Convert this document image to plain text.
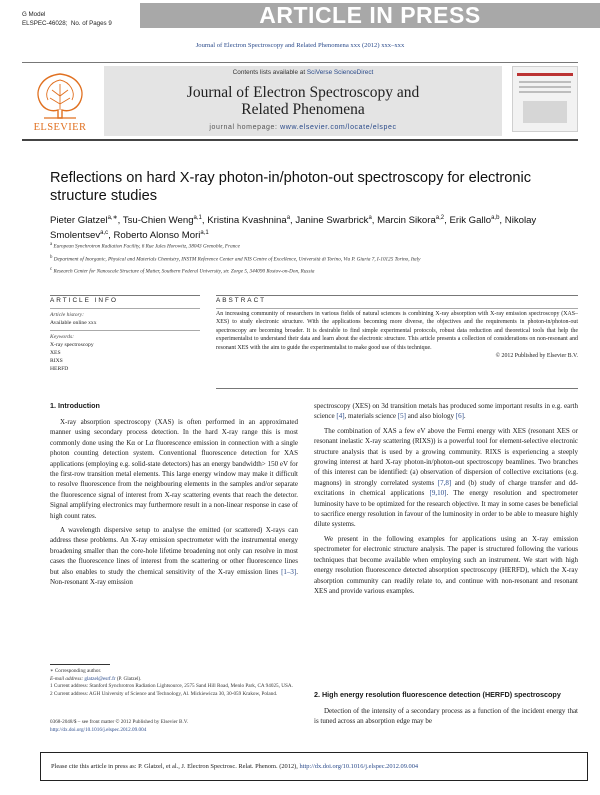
G Model
ELSPEC-46028; No. of Pages 9	ARTICLE IN PRESS
Journal of Electron Spectroscopy and Related Phenomena xxx (2012) xxx–xxx
ELSEVIER
Contents lists available at SciVerse ScienceDirect
Journal of Electron Spectroscopy and
Related Phenomena
journal homepage: www.elsevier.com/locate/elspec
Reflections on hard X-ray photon-in/photon-out spectroscopy for electronic structure studies
Pieter Glatzel$^{a,∗}$, Tsu-Chien Weng$^{a,1}$, Kristina Kvashnina$^a$, Janine Swarbrick$^a$, Marcin Sikora$^{a,2}$, Erik Gallo$^{a,b}$, Nikolay Smolentsev$^{a,c}$, Roberto Alonso Mori$^{a,1}$
$^a$ European Synchrotron Radiation Facility, 6 Rue Jules Horowitz, 38043 Grenoble, France
$^b$ Department of Inorganic, Physical and Materials Chemistry, INSTM Reference Center and NIS Centre of Excellence, Università di Torino, Via P. Giuria 7, I-10125 Torino, Italy
$^c$ Research Center for Nanoscale Structure of Matter, Southern Federal University, str. Zorge 5, 344090 Rostov-on-Don, Russia
ARTICLE INFO	ABSTRACT
Article history:
Available online xxx
Keywords:
X-ray spectroscopy
XES
RIXS
HERFD
An increasing community of researchers in various fields of natural sciences is combining X-ray absorption with X-ray emission spectroscopy (XAS–XES) to study electronic structure. With the applications becoming more diverse, the objectives and the requirements in photon-in/photon-out spectroscopy are becoming broader. It is desirable to find simple experimental protocols, robust data reduction and theoretical tools that help the experimentalist to understand their data and learn about the electronic structure. This article presents a collection of considerations on non-resonant and resonant XES with the aim to guide the experimentalist to make good use of this technique.
© 2012 Published by Elsevier B.V.
1. Introduction

X-ray absorption spectroscopy (XAS) is often performed in an approximated manner using secondary process detection. In the hard X-ray range this is most commonly done using the Kα or Lα fluorescence emission in connection with a single photon counting detection system. Conventional fluorescence detection for XAS applications (employing e.g. solid-state detectors) has an energy bandwidth> 150 eV for the first-row transition metal elements. This large energy window may make it difficult to resolve fluorescence from the neighbouring elements in the samples and/or separate the fluorescence signal of interest from X-ray scattering events that reach the detector. Signal amplifying electronics may furthermore result in a non-linear response in case of high count rates.

A wavelength dispersive setup to analyse the emitted (or scattered) X-rays can address these problems. An X-ray emission spectrometer with the instrumental energy broadening smaller than the core-hole lifetime broadening not only can resolve in most cases the fluorescence lines of interest from the scattering or other fluorescence lines but also enables to study the chemical sensitivity of the X-ray emission lines [1–3]. Non-resonant X-ray emission

spectroscopy (XES) on 3d transition metals has produced some important results in e.g. earth science [4], materials science [5] and also biology [6].

The combination of XAS a few eV above the Fermi energy with XES (resonant XES or resonant inelastic X-ray scattering (RIXS)) is a powerful tool for element-selective electronic structure analysis that is used by a growing community. RIXS is experiencing a steeply growing interest at hard X-ray photon-in/photon-out spectroscopy beamlines. Two branches of this interest can be identified: (a) observation of dispersion of collective excitations (e.g. magnons) in strongly correlated systems [7,8] and (b) study of charge transfer and dd-excitations in chemical applications [9,10]. The energy resolution and spectrometer luminosity have to be optimized for the research objective. It may in some cases be beneficial to sacrifice energy resolution in favour of the luminosity in order to be able to measure highly dilute systems.

We present in the following examples for applications using an X-ray emission spectrometer for electronic structure analysis. The paper is structured following the various techniques that become available when employing such an instrument. We start with high energy resolution fluorescence detected absorption spectroscopy (HERFD), which the X-ray absorption community can readily relate to, and continue with non-resonant and resonant XES and provide various examples.

2. High energy resolution fluorescence detection (HERFD) spectroscopy

Detection of the intensity of a secondary process as a function of the incident energy that is tuned across an absorption edge may be

∗ Corresponding author.

E-mail address: glatzel@esrf.fr (P. Glatzel).

1 Current address: Stanford Synchrotron Radiation Lightsource, 2575 Sand Hill Road, Menlo Park, CA 94025, USA.

2 Current address: AGH University of Science and Technology, Al. Mickiewicza 30, 30-059 Krakow, Poland.

0368-2048/$ – see front matter © 2012 Published by Elsevier B.V.
http://dx.doi.org/10.1016/j.elspec.2012.09.004
Please cite this article in press as: P. Glatzel, et al., J. Electron Spectrosc. Relat. Phenom. (2012), http://dx.doi.org/10.1016/j.elspec.2012.09.004
